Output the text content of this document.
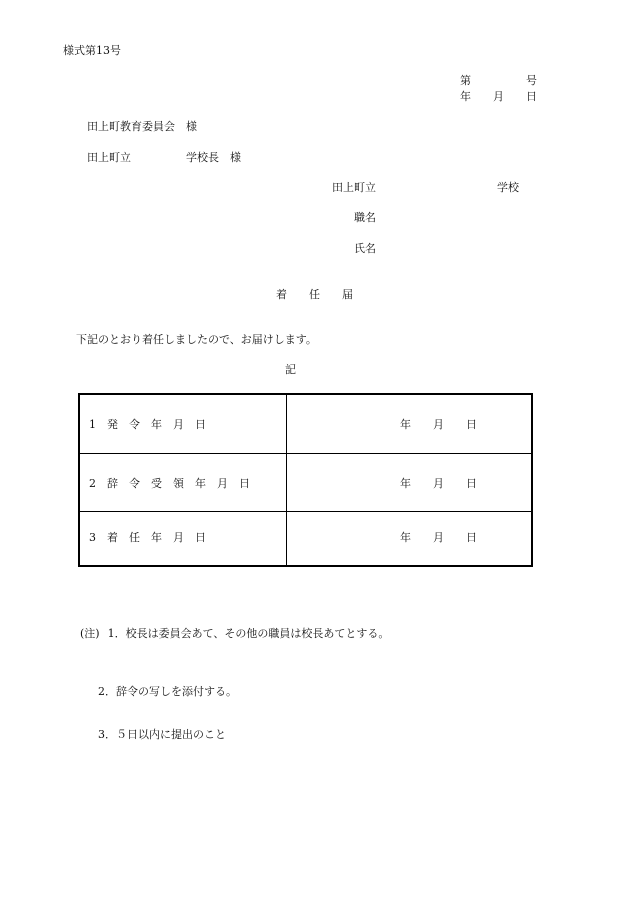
様式第13号
第　　　　　号
年　　月　　日
田上町教育委員会　様
田上町立　　　　　学校長　様
田上町立　　　　　　　　　　　学校
職名
氏名
着　　任　　届
下記のとおり着任しましたので、お届けします。
記
1　発　令　年　月　日	年　　月　　日
2　辞　令　受　領　年　月　日	年　　月　　日
3　着　任　年　月　日	年　　月　　日

(注) 1．校長は委員会あて、その他の職員は校長あてとする。

2．辞令の写しを添付する。

3．５日以内に提出のこと
